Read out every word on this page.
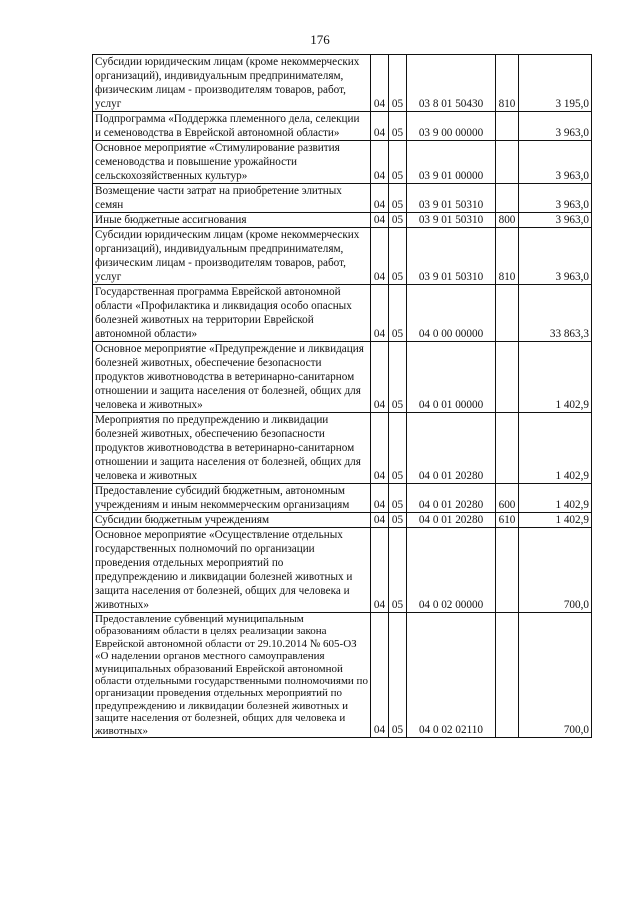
176
Субсидии юридическим лицам (кроме некоммерческих организаций), индивидуальным предпринимателям, физическим лицам - производителям товаров, работ, услуг	04	05	03 8 01 50430	810	3 195,0
Подпрограмма «Поддержка племенного дела, селекции и семеноводства в Еврейской автономной области»	04	05	03 9 00 00000		3 963,0
Основное мероприятие «Стимулирование развития семеноводства и повышение урожайности сельскохозяйственных культур»	04	05	03 9 01 00000		3 963,0
Возмещение части затрат на приобретение элитных семян	04	05	03 9 01 50310		3 963,0
Иные бюджетные ассигнования	04	05	03 9 01 50310	800	3 963,0
Субсидии юридическим лицам (кроме некоммерческих организаций), индивидуальным предпринимателям, физическим лицам - производителям товаров, работ, услуг	04	05	03 9 01 50310	810	3 963,0
Государственная программа Еврейской автономной области «Профилактика и ликвидация особо опасных болезней животных на территории Еврейской автономной области»	04	05	04 0 00 00000		33 863,3
Основное мероприятие «Предупреждение и ликвидация болезней животных, обеспечение безопасности продуктов животноводства в ветеринарно-санитарном отношении и защита населения от болезней, общих для человека и животных»	04	05	04 0 01 00000		1 402,9
Мероприятия по предупреждению и ликвидации болезней животных, обеспечению безопасности продуктов животноводства в ветеринарно-санитарном отношении и защита населения от болезней, общих для человека и животных	04	05	04 0 01 20280		1 402,9
Предоставление субсидий бюджетным, автономным учреждениям и иным некоммерческим организациям	04	05	04 0 01 20280	600	1 402,9
Субсидии бюджетным учреждениям	04	05	04 0 01 20280	610	1 402,9
Основное мероприятие «Осуществление отдельных государственных полномочий по организации проведения отдельных мероприятий по предупреждению и ликвидации болезней животных и защита населения от болезней, общих для человека и животных»	04	05	04 0 02 00000		700,0
Предоставление субвенций муниципальным образованиям области в целях реализации закона Еврейской автономной области от 29.10.2014 № 605-ОЗ «О наделении органов местного самоуправления муниципальных образований Еврейской автономной области отдельными государственными полномочиями по организации проведения отдельных мероприятий по предупреждению и ликвидации болезней животных и защите населения от болезней, общих для человека и животных»	04	05	04 0 02 02110		700,0
